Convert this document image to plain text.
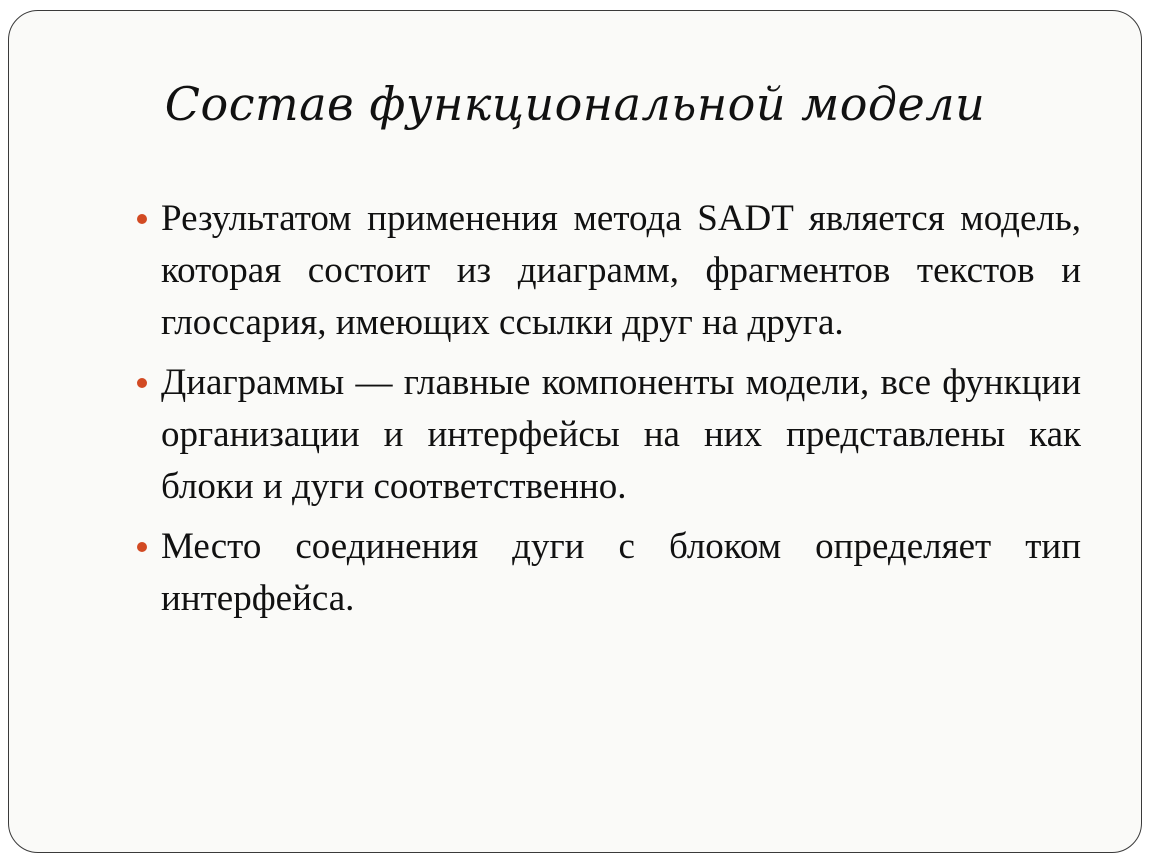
Состав функциональной модели
Результатом применения метода SADT является модель, которая состоит из диаграмм, фрагментов текстов и глоссария, имеющих ссылки друг на друга.
Диаграммы — главные компоненты модели, все функции организации и интерфейсы на них представлены как блоки и дуги соответственно.
Место соединения дуги с блоком определяет тип интерфейса.
